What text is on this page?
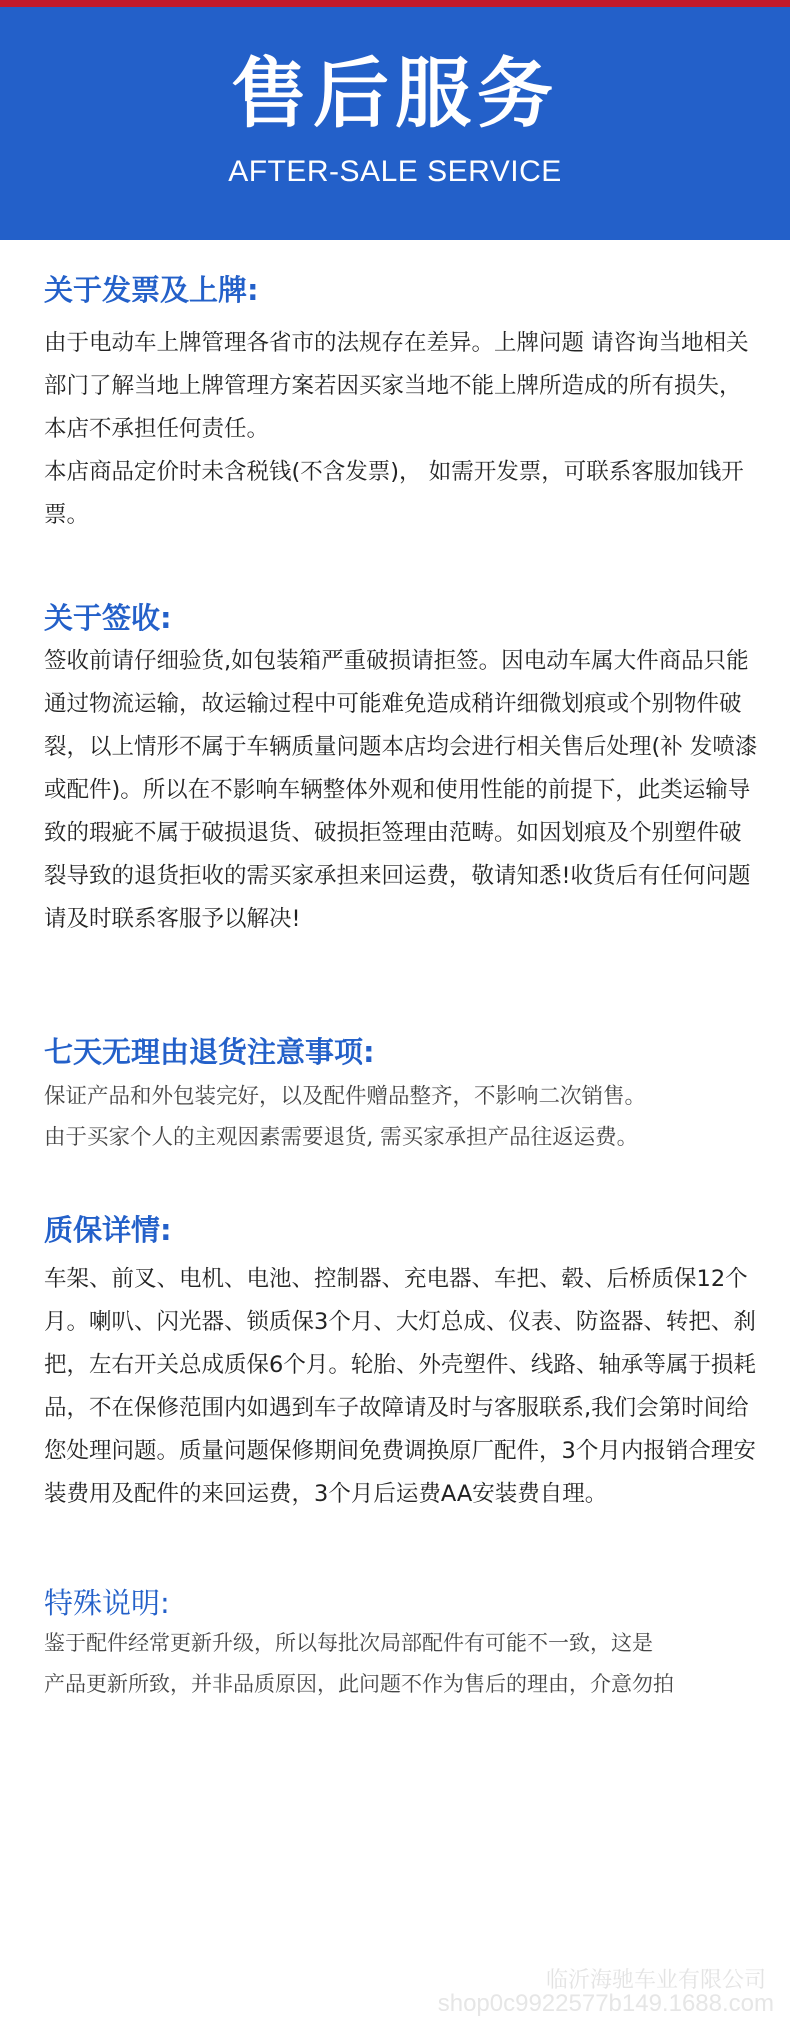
售后服务
AFTER-SALE SERVICE
关于发票及上牌:

由于电动车上牌管理各省市的法规存在差异。上牌问题 请咨询当地相关部门了解当地上牌管理方案若因买家当地不能上牌所造成的所有损失，本店不承担任何责任。

本店商品定价时未含税钱(不含发票)， 如需开发票，可联系客服加钱开票。

关于签收:

签收前请仔细验货,如包装箱严重破损请拒签。因电动车属大件商品只能通过物流运输，故运输过程中可能难免造成稍许细微划痕或个别物件破裂，以上情形不属于车辆质量问题本店均会进行相关售后处理(补 发喷漆或配件)。所以在不影响车辆整体外观和使用性能的前提下，此类运输导致的瑕疵不属于破损退货、破损拒签理由范畴。如因划痕及个别塑件破裂导致的退货拒收的需买家承担来回运费，敬请知悉!收货后有任何问题请及时联系客服予以解决!

七天无理由退货注意事项:

保证产品和外包装完好，以及配件赠品整齐，不影响二次销售。

由于买家个人的主观因素需要退货, 需买家承担产品往返运费。

质保详情:

车架、前叉、电机、电池、控制器、充电器、车把、毂、后桥质保12个月。喇叭、闪光器、锁质保3个月、大灯总成、仪表、防盗器、转把、刹把，左右开关总成质保6个月。轮胎、外壳塑件、线路、轴承等属于损耗品，不在保修范围内如遇到车子故障请及时与客服联系,我们会第时间给您处理问题。质量问题保修期间免费调换原厂配件，3个月内报销合理安装费用及配件的来回运费，3个月后运费AA安装费自理。

特殊说明:

鉴于配件经常更新升级，所以每批次局部配件有可能不一致，这是

产品更新所致，并非品质原因，此问题不作为售后的理由，介意勿拍

临沂海驰车业有限公司
shop0c9922577b149.1688.com
